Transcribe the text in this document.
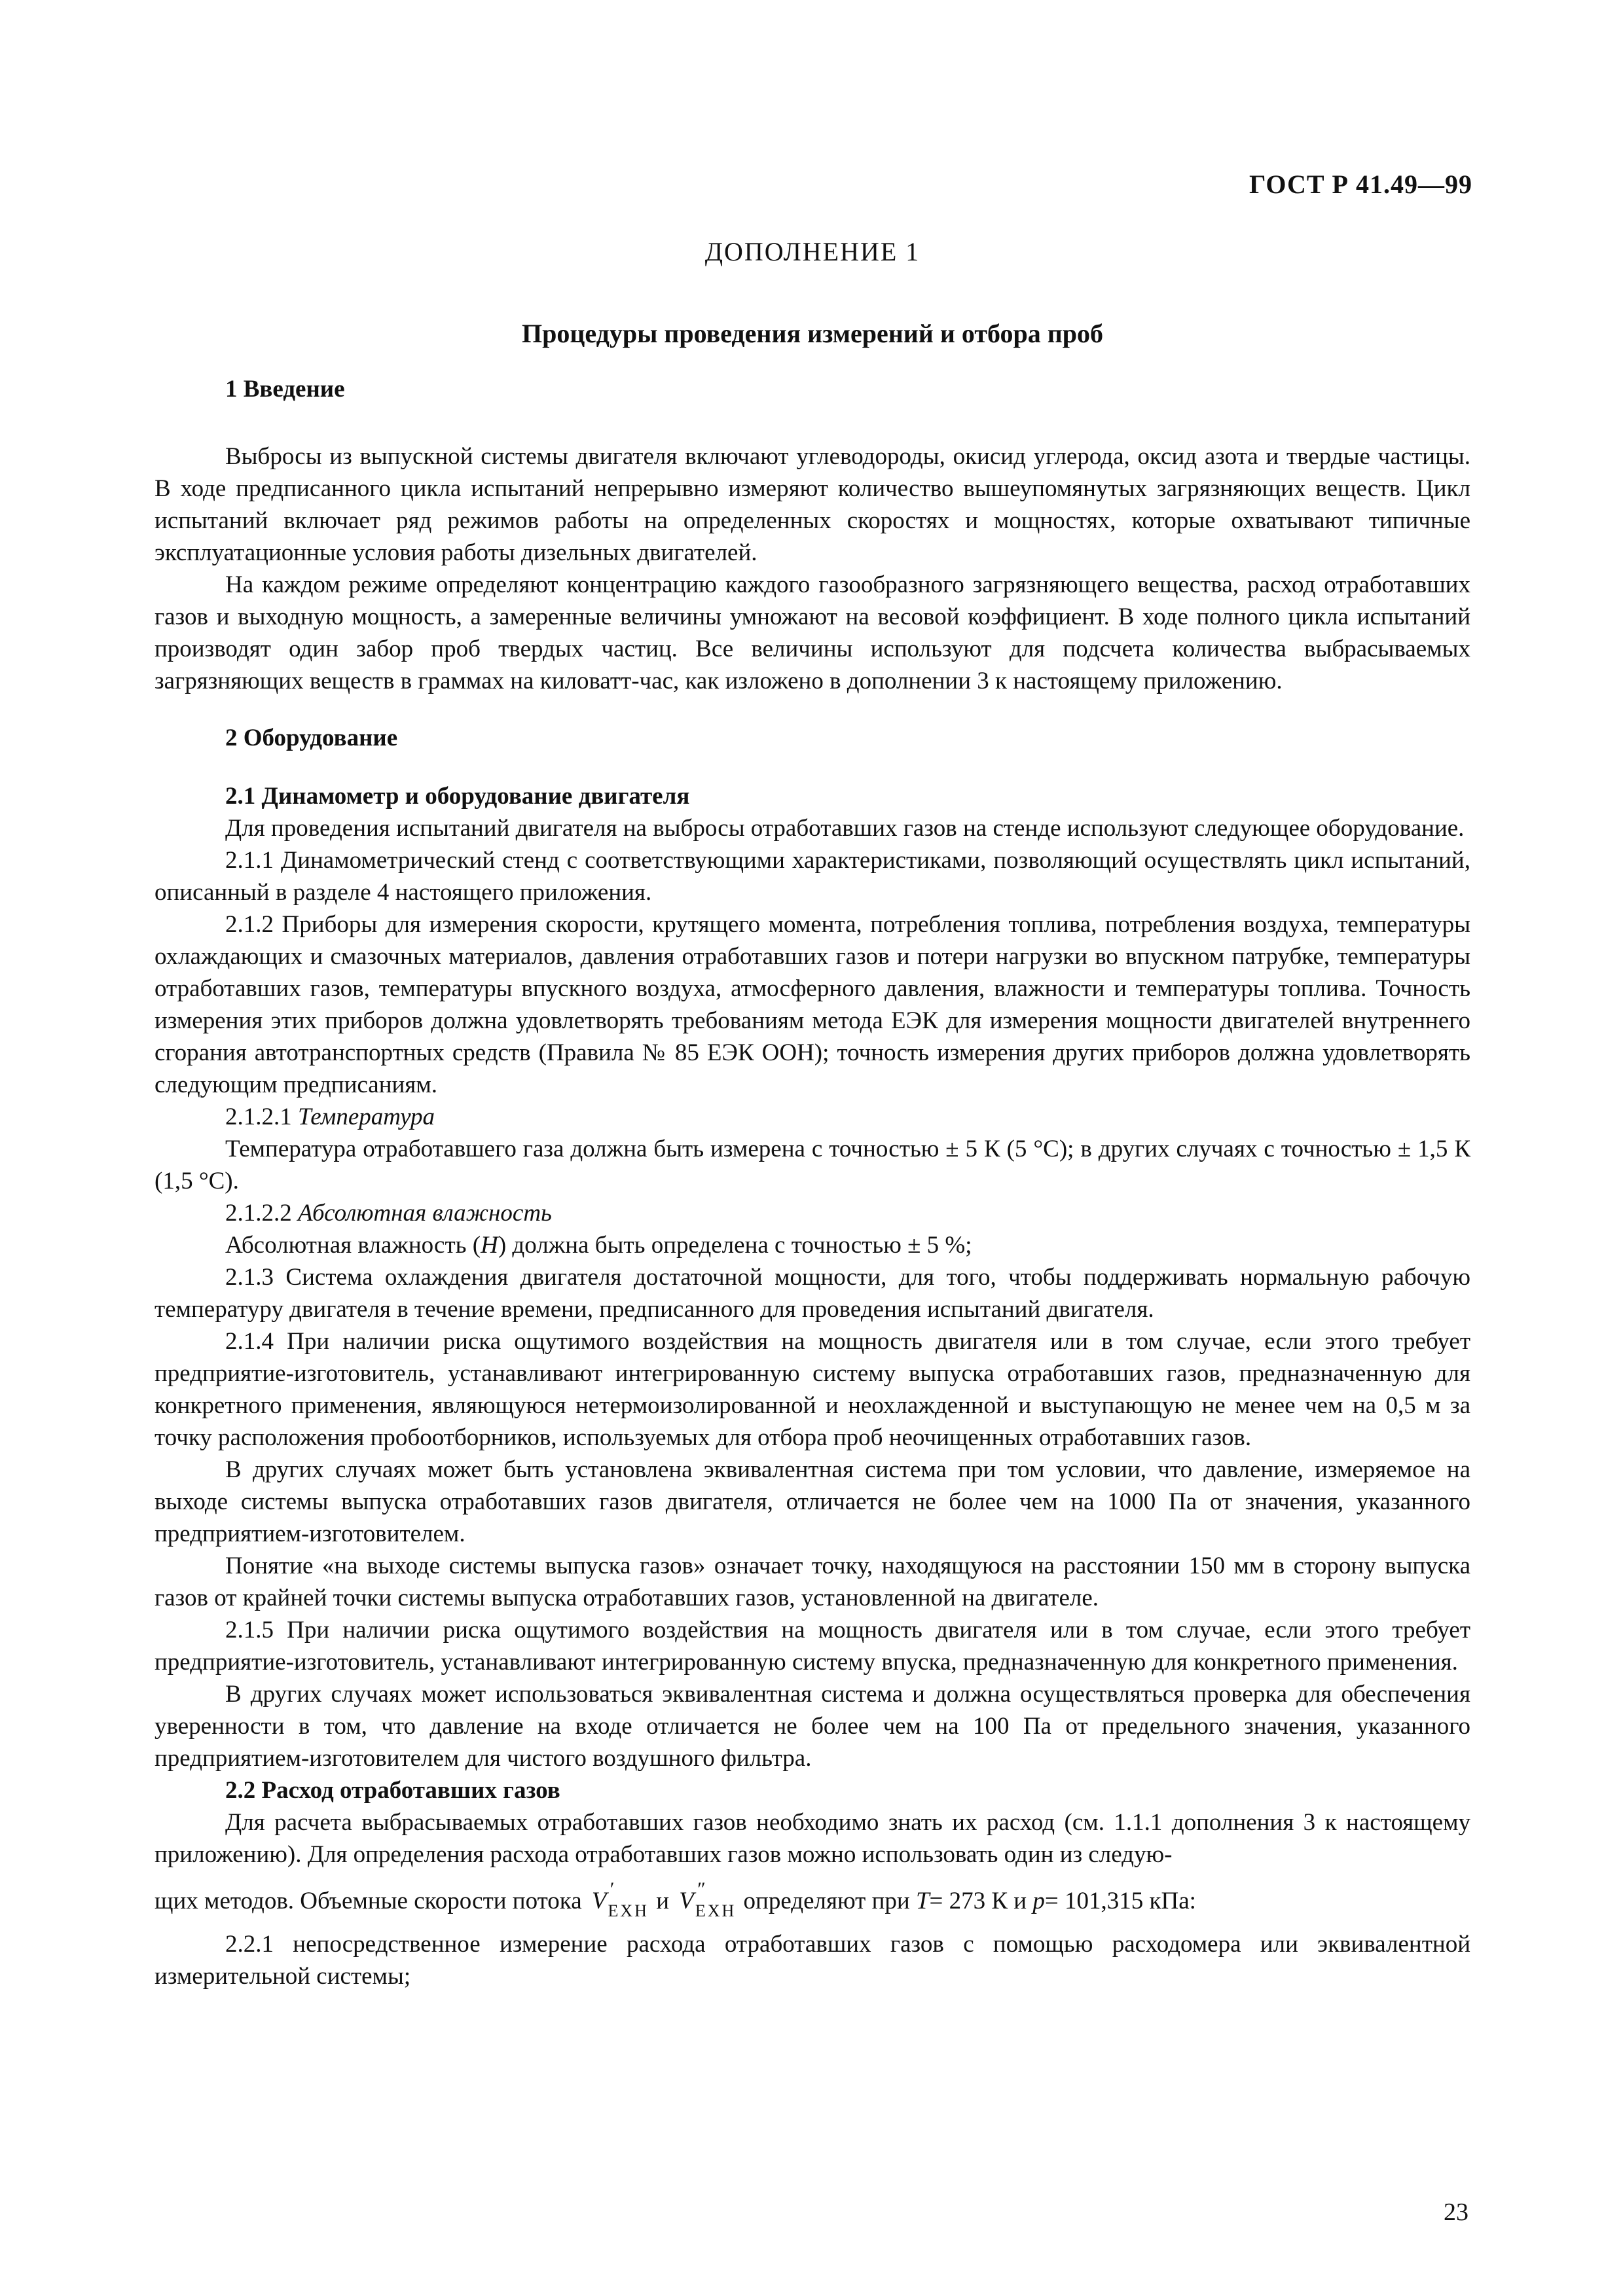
ГОСТ Р 41.49—99
ДОПОЛНЕНИЕ 1
Процедуры проведения измерений и отбора проб
1 Введение

Выбросы из выпускной системы двигателя включают углеводороды, окисид углерода, оксид азота и твердые частицы. В ходе предписанного цикла испытаний непрерывно измеряют количество вышеупомянутых загрязняющих веществ. Цикл испытаний включает ряд режимов работы на определенных скоростях и мощностях, которые охватывают типичные эксплуатационные условия работы дизельных двигателей.

На каждом режиме определяют концентрацию каждого газообразного загрязняющего вещества, расход отработавших газов и выходную мощность, а замеренные величины умножают на весовой коэффициент. В ходе полного цикла испытаний производят один забор проб твердых частиц. Все величины используют для подсчета количества выбрасываемых загрязняющих веществ в граммах на киловатт-час, как изложено в дополнении 3 к настоящему приложению.

2 Оборудование
2.1 Динамометр и оборудование двигателя

Для проведения испытаний двигателя на выбросы отработавших газов на стенде используют следующее оборудование.

2.1.1 Динамометрический стенд с соответствующими характеристиками, позволяющий осуществлять цикл испытаний, описанный в разделе 4 настоящего приложения.

2.1.2 Приборы для измерения скорости, крутящего момента, потребления топлива, потребления воздуха, температуры охлаждающих и смазочных материалов, давления отработавших газов и потери нагрузки во впускном патрубке, температуры отработавших газов, температуры впускного воздуха, атмосферного давления, влажности и температуры топлива. Точность измерения этих приборов должна удовлетворять требованиям метода ЕЭК для измерения мощности двигателей внутреннего сгорания автотранспортных средств (Правила № 85 ЕЭК ООН); точность измерения других приборов должна удовлетворять следующим предписаниям.

2.1.2.1 Температура

Температура отработавшего газа должна быть измерена с точностью ± 5 К (5 °С); в других случаях с точностью ± 1,5 К (1,5 °С).

2.1.2.2 Абсолютная влажность

Абсолютная влажность (Н) должна быть определена с точностью ± 5 %;

2.1.3 Система охлаждения двигателя достаточной мощности, для того, чтобы поддерживать нормальную рабочую температуру двигателя в течение времени, предписанного для проведения испытаний двигателя.

2.1.4 При наличии риска ощутимого воздействия на мощность двигателя или в том случае, если этого требует предприятие-изготовитель, устанавливают интегрированную систему выпуска отработавших газов, предназначенную для конкретного применения, являющуюся нетермоизолированной и неохлажденной и выступающую не менее чем на 0,5 м за точку расположения пробоотборников, используемых для отбора проб неочищенных отработавших газов.

В других случаях может быть установлена эквивалентная система при том условии, что давление, измеряемое на выходе системы выпуска отработавших газов двигателя, отличается не более чем на 1000 Па от значения, указанного предприятием-изготовителем.

Понятие «на выходе системы выпуска газов» означает точку, находящуюся на расстоянии 150 мм в сторону выпуска газов от крайней точки системы выпуска отработавших газов, установленной на двигателе.

2.1.5 При наличии риска ощутимого воздействия на мощность двигателя или в том случае, если этого требует предприятие-изготовитель, устанавливают интегрированную систему впуска, предназначенную для конкретного применения.

В других случаях может использоваться эквивалентная система и должна осуществляться проверка для обеспечения уверенности в том, что давление на входе отличается не более чем на 100 Па от предельного значения, указанного предприятием-изготовителем для чистого воздушного фильтра.

2.2 Расход отработавших газов

Для расчета выбрасываемых отработавших газов необходимо знать их расход (см. 1.1.1 дополнения 3 к настоящему приложению). Для определения расхода отработавших газов можно использовать один из следую-

щих методов. Объемные скорости потока V ′
$_{EXH}$ и V ″
$_{EXH}$ определяют при T= 273 К и p= 101,315 кПа:

2.2.1 непосредственное измерение расхода отработавших газов с помощью расходомера или эквивалентной измерительной системы;

23
